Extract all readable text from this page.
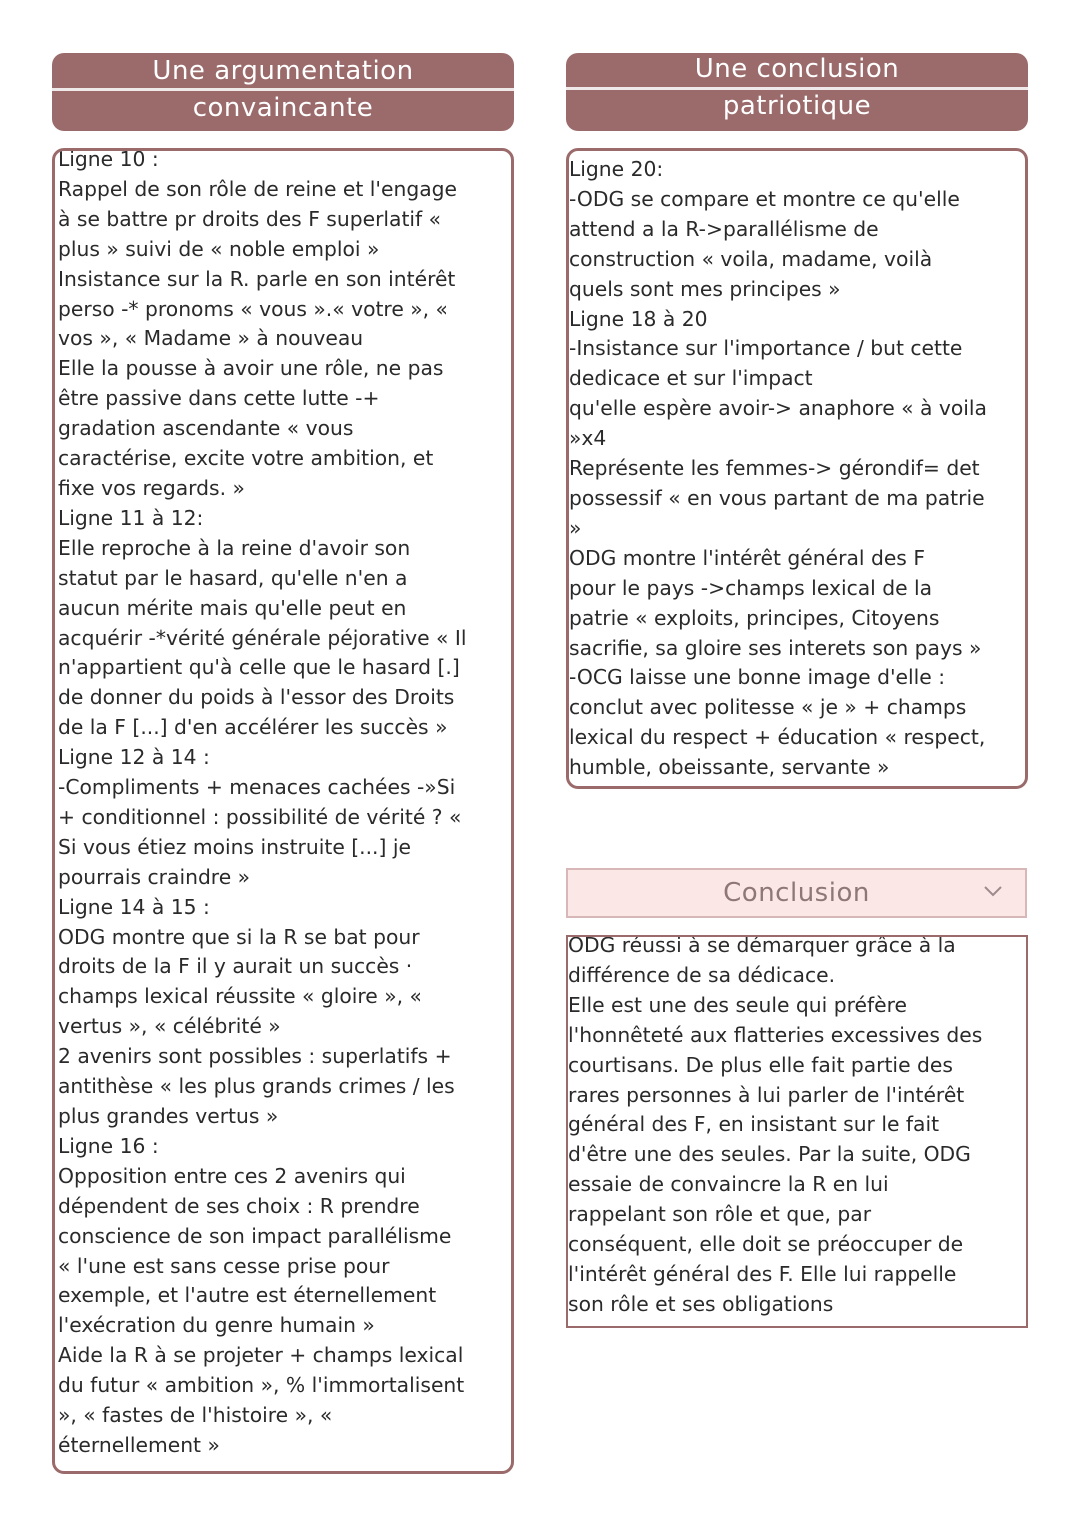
Une argumentation
convaincante
Ligne 10 :
Rappel de son rôle de reine et l'engage
à se battre pr droits des F superlatif «
plus » suivi de « noble emploi »
Insistance sur la R. parle en son intérêt
perso -* pronoms « vous ».« votre », «
vos », « Madame » à nouveau
Elle la pousse à avoir une rôle, ne pas
être passive dans cette lutte -+
gradation ascendante « vous
caractérise, excite votre ambition, et
fixe vos regards. »
Ligne 11 à 12:
Elle reproche à la reine d'avoir son
statut par le hasard, qu'elle n'en a
aucun mérite mais qu'elle peut en
acquérir -*vérité générale péjorative « Il
n'appartient qu'à celle que le hasard [.]
de donner du poids à l'essor des Droits
de la F [...] d'en accélérer les succès »
Ligne 12 à 14 :
-Compliments + menaces cachées -»Si
+ conditionnel : possibilité de vérité ? «
Si vous étiez moins instruite [...] je
pourrais craindre »
Ligne 14 à 15 :
ODG montre que si la R se bat pour
droits de la F il y aurait un succès ·
champs lexical réussite « gloire », «
vertus », « célébrité »
2 avenirs sont possibles : superlatifs +
antithèse « les plus grands crimes / les
plus grandes vertus »
Ligne 16 :
Opposition entre ces 2 avenirs qui
dépendent de ses choix : R prendre
conscience de son impact parallélisme
« l'une est sans cesse prise pour
exemple, et l'autre est éternellement
l'exécration du genre humain »
Aide la R à se projeter + champs lexical
du futur « ambition », % l'immortalisent
», « fastes de l'histoire », «
éternellement »
Une conclusion
patriotique
Ligne 20:
-ODG se compare et montre ce qu'elle
attend a la R->parallélisme de
construction « voila, madame, voilà
quels sont mes principes »
Ligne 18 à 20
-Insistance sur l'importance / but cette
dedicace et sur l'impact
qu'elle espère avoir-> anaphore « à voila
»x4
Représente les femmes-> gérondif= det
possessif « en vous partant de ma patrie
»
ODG montre l'intérêt général des F
pour le pays ->champs lexical de la
patrie « exploits, principes, Citoyens
sacrifie, sa gloire ses interets son pays »
-OCG laisse une bonne image d'elle :
conclut avec politesse « je » + champs
lexical du respect + éducation « respect,
humble, obeissante, servante »
Conclusion
ODG réussi à se démarquer grâce à la
différence de sa dédicace.
Elle est une des seule qui préfère
l'honnêteté aux flatteries excessives des
courtisans. De plus elle fait partie des
rares personnes à lui parler de l'intérêt
général des F, en insistant sur le fait
d'être une des seules. Par la suite, ODG
essaie de convaincre la R en lui
rappelant son rôle et que, par
conséquent, elle doit se préoccuper de
l'intérêt général des F. Elle lui rappelle
son rôle et ses obligations
